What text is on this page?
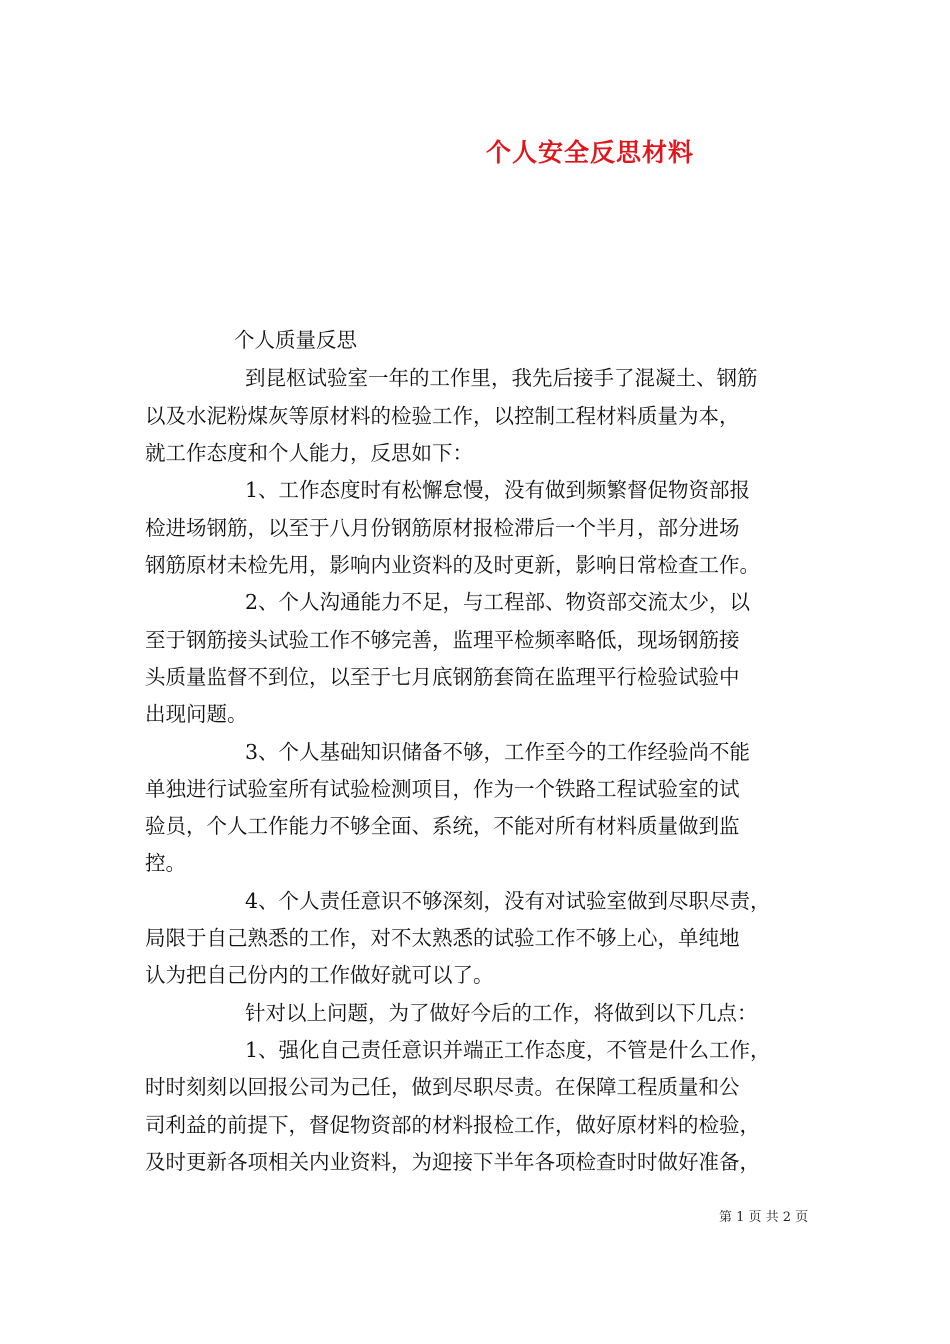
个人安全反思材料
个人质量反思
到昆枢试验室一年的工作里，我先后接手了混凝土、钢筋
以及水泥粉煤灰等原材料的检验工作，以控制工程材料质量为本，
就工作态度和个人能力，反思如下：
1、工作态度时有松懈怠慢，没有做到频繁督促物资部报
检进场钢筋，以至于八月份钢筋原材报检滞后一个半月，部分进场
钢筋原材未检先用，影响内业资料的及时更新，影响日常检查工作。
2、个人沟通能力不足，与工程部、物资部交流太少，以
至于钢筋接头试验工作不够完善，监理平检频率略低，现场钢筋接
头质量监督不到位，以至于七月底钢筋套筒在监理平行检验试验中
出现问题。
3、个人基础知识储备不够，工作至今的工作经验尚不能
单独进行试验室所有试验检测项目，作为一个铁路工程试验室的试
验员，个人工作能力不够全面、系统，不能对所有材料质量做到监
控。
4、个人责任意识不够深刻，没有对试验室做到尽职尽责，
局限于自己熟悉的工作，对不太熟悉的试验工作不够上心，单纯地
认为把自己份内的工作做好就可以了。
针对以上问题，为了做好今后的工作，将做到以下几点：
1、强化自己责任意识并端正工作态度，不管是什么工作，
时时刻刻以回报公司为己任，做到尽职尽责。在保障工程质量和公
司利益的前提下，督促物资部的材料报检工作，做好原材料的检验，
及时更新各项相关内业资料，为迎接下半年各项检查时时做好准备，
第 1 页 共 2 页
